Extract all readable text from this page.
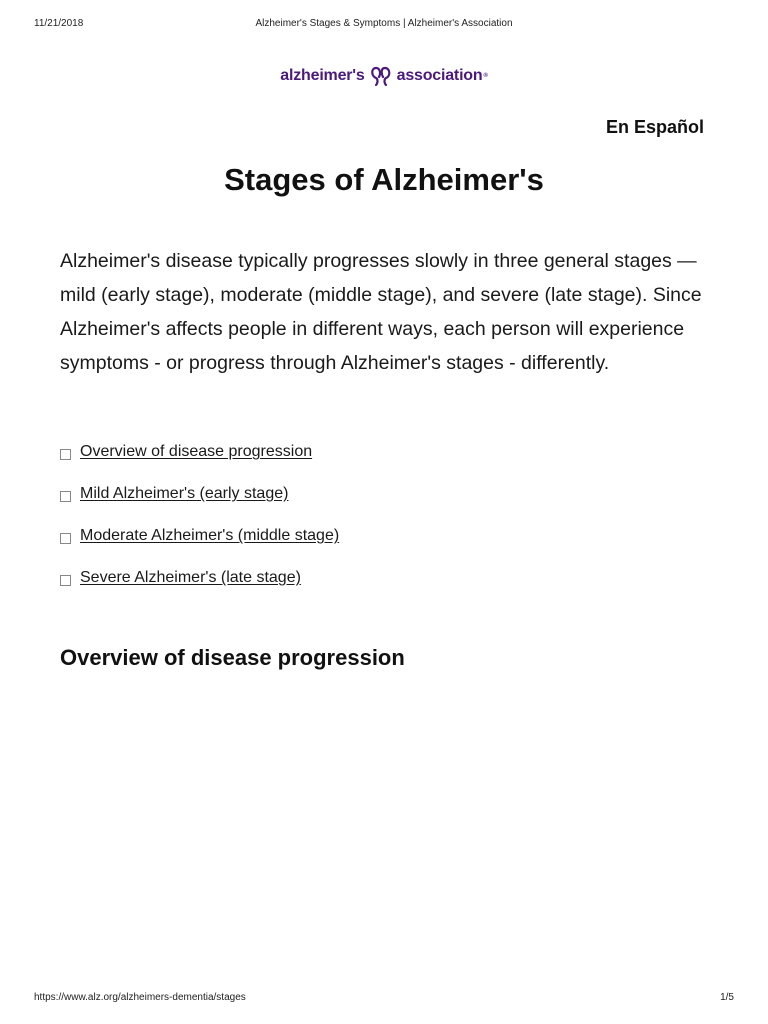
11/21/2018	Alzheimer's Stages & Symptoms | Alzheimer's Association
alzheimer's association ®
En Español
Stages of Alzheimer's

Alzheimer's disease typically progresses slowly in three general stages — mild (early stage), moderate (middle stage), and severe (late stage). Since Alzheimer's affects people in different ways, each person will experience symptoms - or progress through Alzheimer's stages - differently.

Overview of disease progression
Mild Alzheimer's (early stage)
Moderate Alzheimer's (middle stage)
Severe Alzheimer's (late stage)
Overview of disease progression
https://www.alz.org/alzheimers-dementia/stages	1/5
